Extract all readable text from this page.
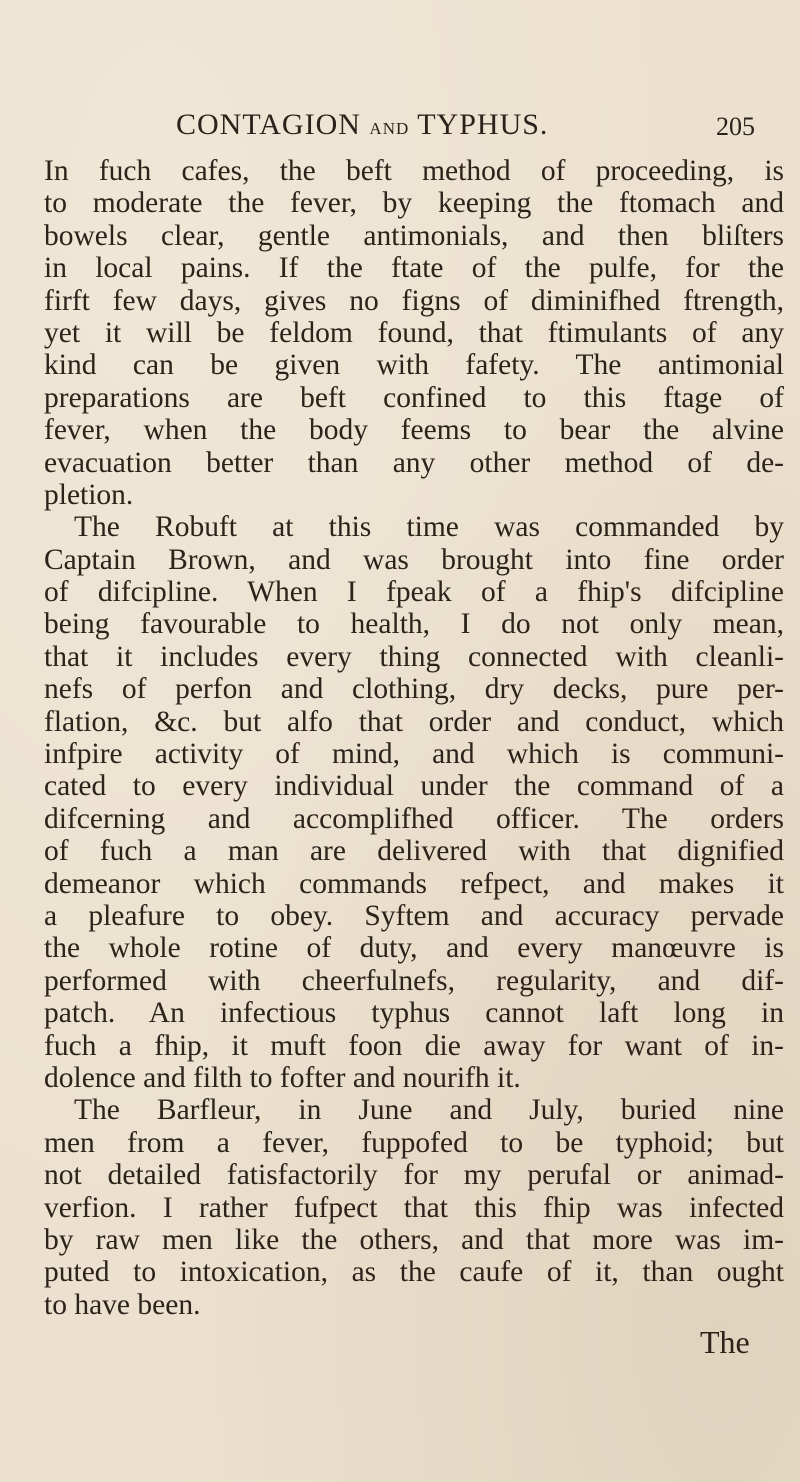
CONTAGION AND TYPHUS.	205
In fuch cafes, the beft method of proceeding, is
to moderate the fever, by keeping the ftomach and
bowels clear, gentle antimonials, and then bliſters
in local pains. If the ftate of the pulfe, for the
firft few days, gives no figns of diminifhed ftrength,
yet it will be feldom found, that ftimulants of any
kind can be given with fafety. The antimonial
preparations are beft confined to this ftage of
fever, when the body feems to bear the alvine
evacuation better than any other method of de-
pletion.
The Robuft at this time was commanded by
Captain Brown, and was brought into fine order
of difcipline. When I fpeak of a fhip's difcipline
being favourable to health, I do not only mean,
that it includes every thing connected with cleanli-
nefs of perfon and clothing, dry decks, pure per-
flation, &c. but alfo that order and conduct, which
infpire activity of mind, and which is communi-
cated to every individual under the command of a
difcerning and accomplifhed officer. The orders
of fuch a man are delivered with that dignified
demeanor which commands refpect, and makes it
a pleafure to obey. Syftem and accuracy pervade
the whole rotine of duty, and every manœuvre is
performed with cheerfulnefs, regularity, and dif-
patch. An infectious typhus cannot laft long in
fuch a fhip, it muft foon die away for want of in-
dolence and filth to fofter and nourifh it.
The Barfleur, in June and July, buried nine
men from a fever, fuppofed to be typhoid; but
not detailed fatisfactorily for my perufal or animad-
verfion. I rather fufpect that this fhip was infected
by raw men like the others, and that more was im-
puted to intoxication, as the caufe of it, than ought
to have been.
The
